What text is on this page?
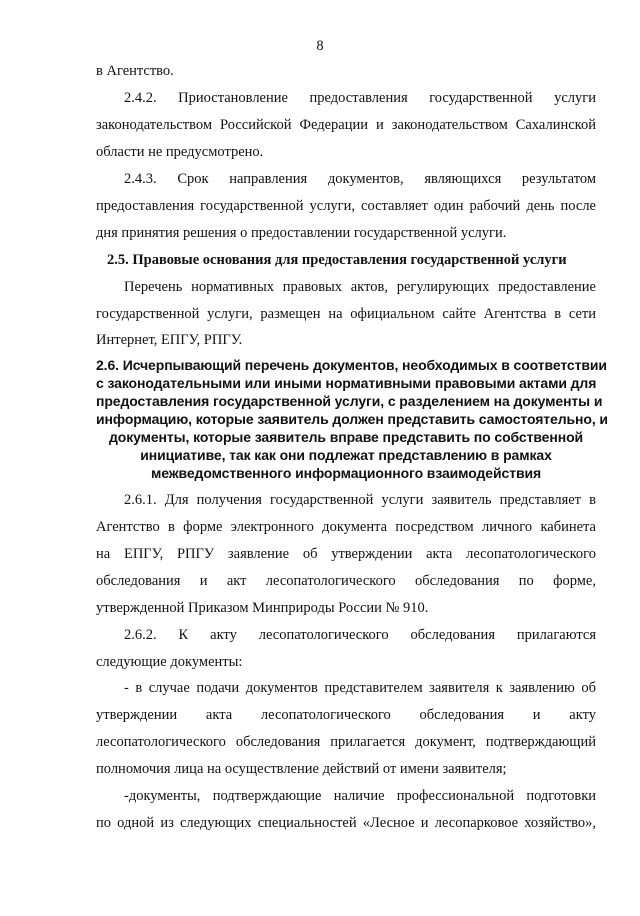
8
в Агентство.
2.4.2. Приостановление предоставления государственной услуги
законодательством Российской Федерации и законодательством Сахалинской
области не предусмотрено.
2.4.3. Срок направления документов, являющихся результатом
предоставления государственной услуги, составляет один рабочий день после
дня принятия решения о предоставлении государственной услуги.
2.5. Правовые основания для предоставления государственной услуги
Перечень нормативных правовых актов, регулирующих предоставление
государственной услуги, размещен на официальном сайте Агентства в сети
Интернет, ЕПГУ, РПГУ.
2.6. Исчерпывающий перечень документов, необходимых в соответствии
с законодательными или иными нормативными правовыми актами для
предоставления государственной услуги, с разделением на документы и
информацию, которые заявитель должен представить самостоятельно, и
документы, которые заявитель вправе представить по собственной
инициативе, так как они подлежат представлению в рамках
межведомственного информационного взаимодействия
2.6.1. Для получения государственной услуги заявитель представляет в
Агентство в форме электронного документа посредством личного кабинета
на ЕПГУ, РПГУ заявление об утверждении акта лесопатологического
обследования и акт лесопатологического обследования по форме,
утвержденной Приказом Минприроды России № 910.
2.6.2. К акту лесопатологического обследования прилагаются
следующие документы:
- в случае подачи документов представителем заявителя к заявлению об
утверждении акта лесопатологического обследования и акту
лесопатологического обследования прилагается документ, подтверждающий
полномочия лица на осуществление действий от имени заявителя;
-документы, подтверждающие наличие профессиональной подготовки
по одной из следующих специальностей «Лесное и лесопарковое хозяйство»,
